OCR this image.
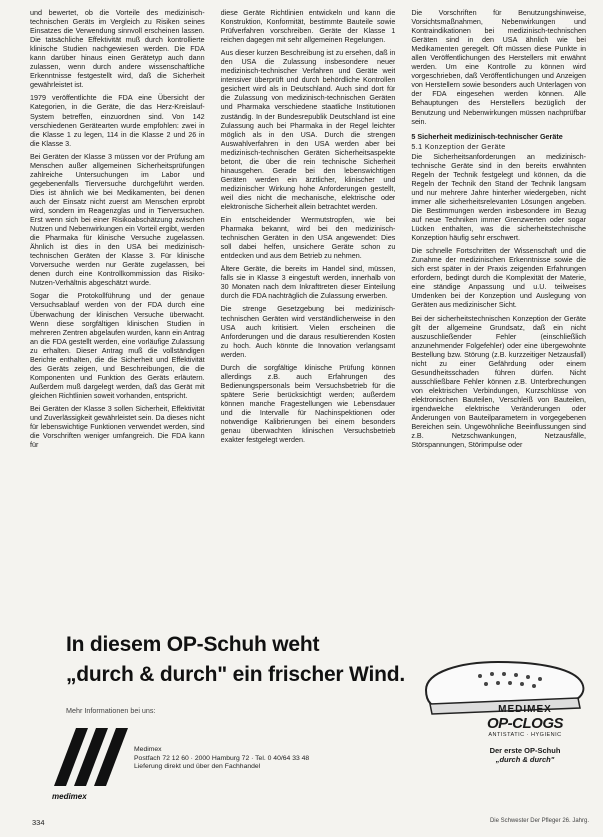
und bewertet, ob die Vorteile des medizinisch-technischen Geräts im Vergleich zu Risiken seines Einsatzes die Verwendung sinnvoll erscheinen lassen. Die tatsächliche Effektivität muß durch kontrollierte klinische Studien nachgewiesen werden. Die FDA kann darüber hinaus einen Gerätetyp auch dann zulassen, wenn durch andere wissenschaftliche Erkenntnisse festgestellt wird, daß die Sicherheit gewährleistet ist.

1979 veröffentlichte die FDA eine Übersicht der Kategorien, in die Geräte, die das Herz-Kreislauf-System betreffen, einzuordnen sind. Von 142 verschiedenen Gerätearten wurde empfohlen: zwei in die Klasse 1 zu legen, 114 in die Klasse 2 und 26 in die Klasse 3.

Bei Geräten der Klasse 3 müssen vor der Prüfung am Menschen außer allgemeinen Sicherheitsprüfungen zahlreiche Untersuchungen im Labor und gegebenenfalls Tierversuche durchgeführt werden. Dies ist ähnlich wie bei Medikamenten, bei denen auch der Einsatz nicht zuerst am Menschen erprobt wird, sondern im Reagenzglas und in Tierversuchen. Erst wenn sich bei einer Risikoabschätzung zwischen Nutzen und Nebenwirkungen ein Vorteil ergibt, werden die Pharmaka für klinische Versuche zugelassen. Ähnlich ist dies in den USA bei medizinisch-technischen Geräten der Klasse 3. Für klinische Vorversuche werden nur Geräte zugelassen, bei denen durch eine Kontrollkommission das Risiko-Nutzen-Verhältnis abgeschätzt wurde.

Sogar die Protokollführung und der genaue Versuchsablauf werden von der FDA durch eine Überwachung der klinischen Versuche überwacht. Wenn diese sorgfältigen klinischen Studien in mehreren Zentren abgelaufen wurden, kann ein Antrag an die FDA gestellt werden, eine vorläufige Zulassung zu erhalten. Dieser Antrag muß die vollständigen Berichte enthalten, die die Sicherheit und Effektivität des Geräts zeigen, und Beschreibungen, die die Komponenten und Funktion des Geräts erläutern. Außerdem muß dargelegt werden, daß das Gerät mit gleichen Richtlinien soweit vorhanden, entspricht.

Bei Geräten der Klasse 3 sollen Sicherheit, Effektivität und Zuverlässigkeit gewährleistet sein. Da dieses nicht für lebenswichtige Funktionen verwendet werden, sind die Vorschriften weniger umfangreich. Die FDA kann für

diese Geräte Richtlinien entwickeln und kann die Konstruktion, Konformität, bestimmte Bauteile sowie Prüfverfahren vorschreiben. Geräte der Klasse 1 reichen dagegen mit sehr allgemeinen Regelungen.

Aus dieser kurzen Beschreibung ist zu ersehen, daß in den USA die Zulassung insbesondere neuer medizinisch-technischer Verfahren und Geräte weit intensiver überprüft und durch behördliche Kontrollen gesichert wird als in Deutschland. Auch sind dort für die Zulassung von medizinisch-technischen Geräten und Pharmaka verschiedene staatliche Institutionen zuständig. In der Bundesrepublik Deutschland ist eine Zulassung auch bei Pharmaka in der Regel leichter möglich als in den USA. Durch die strengen Auswahlverfahren in den USA werden aber bei medizinisch-technischen Geräten Sicherheitsaspekte betont, die über die rein technische Sicherheit hinausgehen. Gerade bei den lebenswichtigen Geräten werden ein ärztlicher, klinischer und medizinischer Wirkung hohe Anforderungen gestellt, weil dies nicht die mechanische, elektrische oder elektronische Sicherheit allein betrachtet werden.

Ein entscheidender Wermutstropfen, wie bei Pharmaka bekannt, wird bei den medizinisch-technischen Geräten in den USA angewendet: Dies soll dabei helfen, unsichere Geräte schon zu entdecken und aus dem Betrieb zu nehmen.

Ältere Geräte, die bereits im Handel sind, müssen, falls sie in Klasse 3 eingestuft werden, innerhalb von 30 Monaten nach dem Inkrafttreten dieser Einteilung durch die FDA nachträglich die Zulassung erwerben.

Die strenge Gesetzgebung bei medizinisch-technischen Geräten wird verständlicherweise in den USA auch kritisiert. Vielen erscheinen die Anforderungen und die daraus resultierenden Kosten zu hoch. Auch könnte die Innovation verlangsamt werden.

Durch die sorgfältige klinische Prüfung können allerdings z.B. auch Erfahrungen des Bedienungspersonals beim Versuchsbetrieb für die spätere Serie berücksichtigt werden; außerdem können manche Fragestellungen wie Lebensdauer und die Intervalle für Nachinspektionen oder notwendige Kalibrierungen bei einem besonders genau überwachten klinischen Versuchsbetrieb exakter festgelegt werden.

Die Vorschriften für Benutzungshinweise, Vorsichtsmaßnahmen, Nebenwirkungen und Kontraindikationen bei medizinisch-technischen Geräten sind in den USA ähnlich wie bei Medikamenten geregelt. Oft müssen diese Punkte in allen Veröffentlichungen des Herstellers mit erwähnt werden. Um eine Kontrolle zu können wird vorgeschrieben, daß Veröffentlichungen und Anzeigen von Herstellern sowie besonders auch Unterlagen von der FDA eingesehen werden können. Alle Behauptungen des Herstellers bezüglich der Benutzung und Nebenwirkungen müssen nachprüfbar sein.

5 Sicherheit medizinisch-technischer Geräte
5.1 Konzeption der Geräte

Die Sicherheitsanforderungen an medizinisch-technische Geräte sind in den bereits erwähnten Regeln der Technik festgelegt und können, da die Regeln der Technik den Stand der Technik langsam und nur mehrere Jahre hinterher wiedergeben, nicht immer alle sicherheitsrelevanten Lösungen angeben. Die Bestimmungen werden insbesondere im Bezug auf neue Techniken immer Grenzwerten oder sogar Lücken enthalten, was die sicherheitstechnische Konzeption häufig sehr erschwert.

Die schnelle Fortschritten der Wissenschaft und die Zunahme der medizinischen Erkenntnisse sowie die sich erst später in der Praxis zeigenden Erfahrungen erfordern, bedingt durch die Komplexität der Materie, eine ständige Anpassung und u.U. teilweises Umdenken bei der Konzeption und Auslegung von Geräten aus medizinischer Sicht.

Bei der sicherheitstechnischen Konzeption der Geräte gilt der allgemeine Grundsatz, daß ein nicht auszuschließender Fehler (einschließlich anzunehmender Folgefehler) oder eine übergewohnte Bestellung bzw. Störung (z.B. kurzzeitiger Netzausfall) nicht zu einer Gefährdung oder einem Gesundheitsschaden führen dürfen. Nicht ausschließbare Fehler können z.B. Unterbrechungen von elektrischen Verbindungen, Kurzschlüsse von elektronischen Bauteilen, Verschleiß von Bauteilen, irgendwelche elektrische Veränderungen oder Änderungen von Bauteilparametern in vorgegebenen Bereichen sein. Ungewöhnliche Beeinflussungen sind z.B. Netzschwankungen, Netzausfälle, Störspannungen, Störimpulse oder

In diesem OP-Schuh weht
„durch & durch" ein frischer Wind.
Mehr Informationen bei uns:
medimex
Medimex
Postfach 72 12 60 · 2000 Hamburg 72 · Tel. 0 40/64 33 48
Lieferung direkt und über den Fachhandel
MEDIMEX
OP-CLOGS
ANTISTATIC · HYGIENIC
Der erste OP-Schuh
„durch & durch"
334	Die Schwester Der Pfleger 26. Jahrg.
